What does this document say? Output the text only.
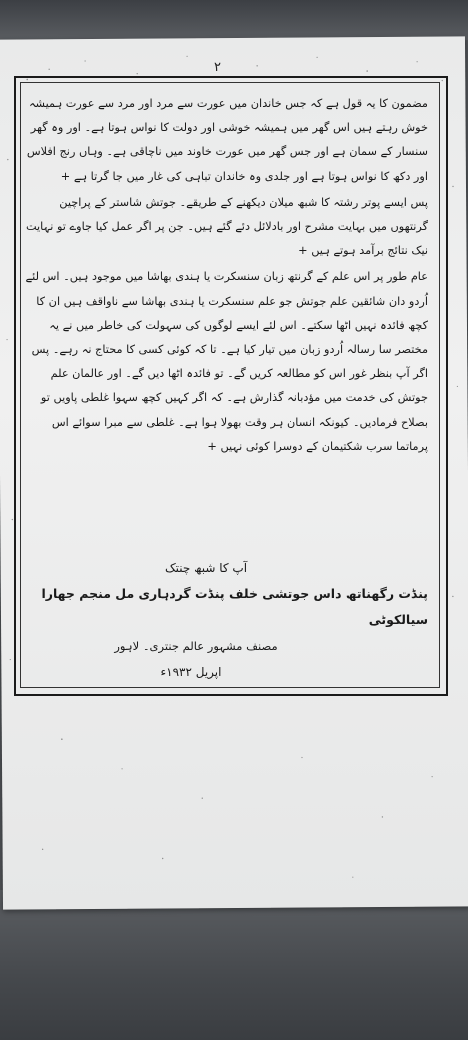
۲

مضمون کا یہ قول ہے کہ جس خاندان میں عورت سے مرد اور مرد سے عورت ہمیشہ خوش رہتے ہیں اس گھر میں ہمیشہ خوشی اور دولت کا نواس ہوتا ہے۔ اور وہ گھر سنسار کے سمان ہے اور جس گھر میں عورت خاوند میں ناچاقی ہے۔ وہاں رنج افلاس اور دکھ کا نواس ہوتا ہے اور جلدی وہ خاندان تباہی کی غار میں جا گرتا ہے +

پس ایسے پوتر رشتہ کا شبھ میلان دیکھنے کے طریقے۔ جوتش شاستر کے پراچین گرنتھوں میں بہایت مشرح اور بادلائل دئے گئے ہیں۔ جن پر اگر عمل کیا جاوے تو نہایت نیک نتائج برآمد ہوتے ہیں +

عام طور پر اس علم کے گرنتھ زبان سنسکرت یا ہندی بھاشا میں موجود ہیں۔ اس لئے اُردو دان شائقین علم جوتش جو علم سنسکرت یا ہندی بھاشا سے ناواقف ہیں ان کا کچھ فائدہ نہیں اٹھا سکتے۔ اس لئے ایسے لوگوں کی سہولت کی خاطر میں نے یہ مختصر سا رسالہ اُردو زبان میں تیار کیا ہے۔ تا کہ کوئی کسی کا محتاج نہ رہے۔ پس اگر آپ بنظر غور اس کو مطالعہ کریں گے۔ تو فائدہ اٹھا دیں گے۔ اور عالمان علم جوتش کی خدمت میں مؤدبانہ گذارش ہے۔ کہ اگر کہیں کچھ سہوا غلطی پاویں تو بصلاح فرمادیں۔ کیونکہ انسان ہر وقت بھولا ہوا ہے۔ غلطی سے مبرا سوائے اس پرماتما سرب شکتیمان کے دوسرا کوئی نہیں +

آپ کا شبھ چنتک
پنڈت رگھناتھ داس جوتشی خلف پنڈت گردہاری مل منجم جھارا سیالکوٹی
مصنف مشہور عالم جنتری۔ لاہور
اپریل ۱۹۳۲ء
